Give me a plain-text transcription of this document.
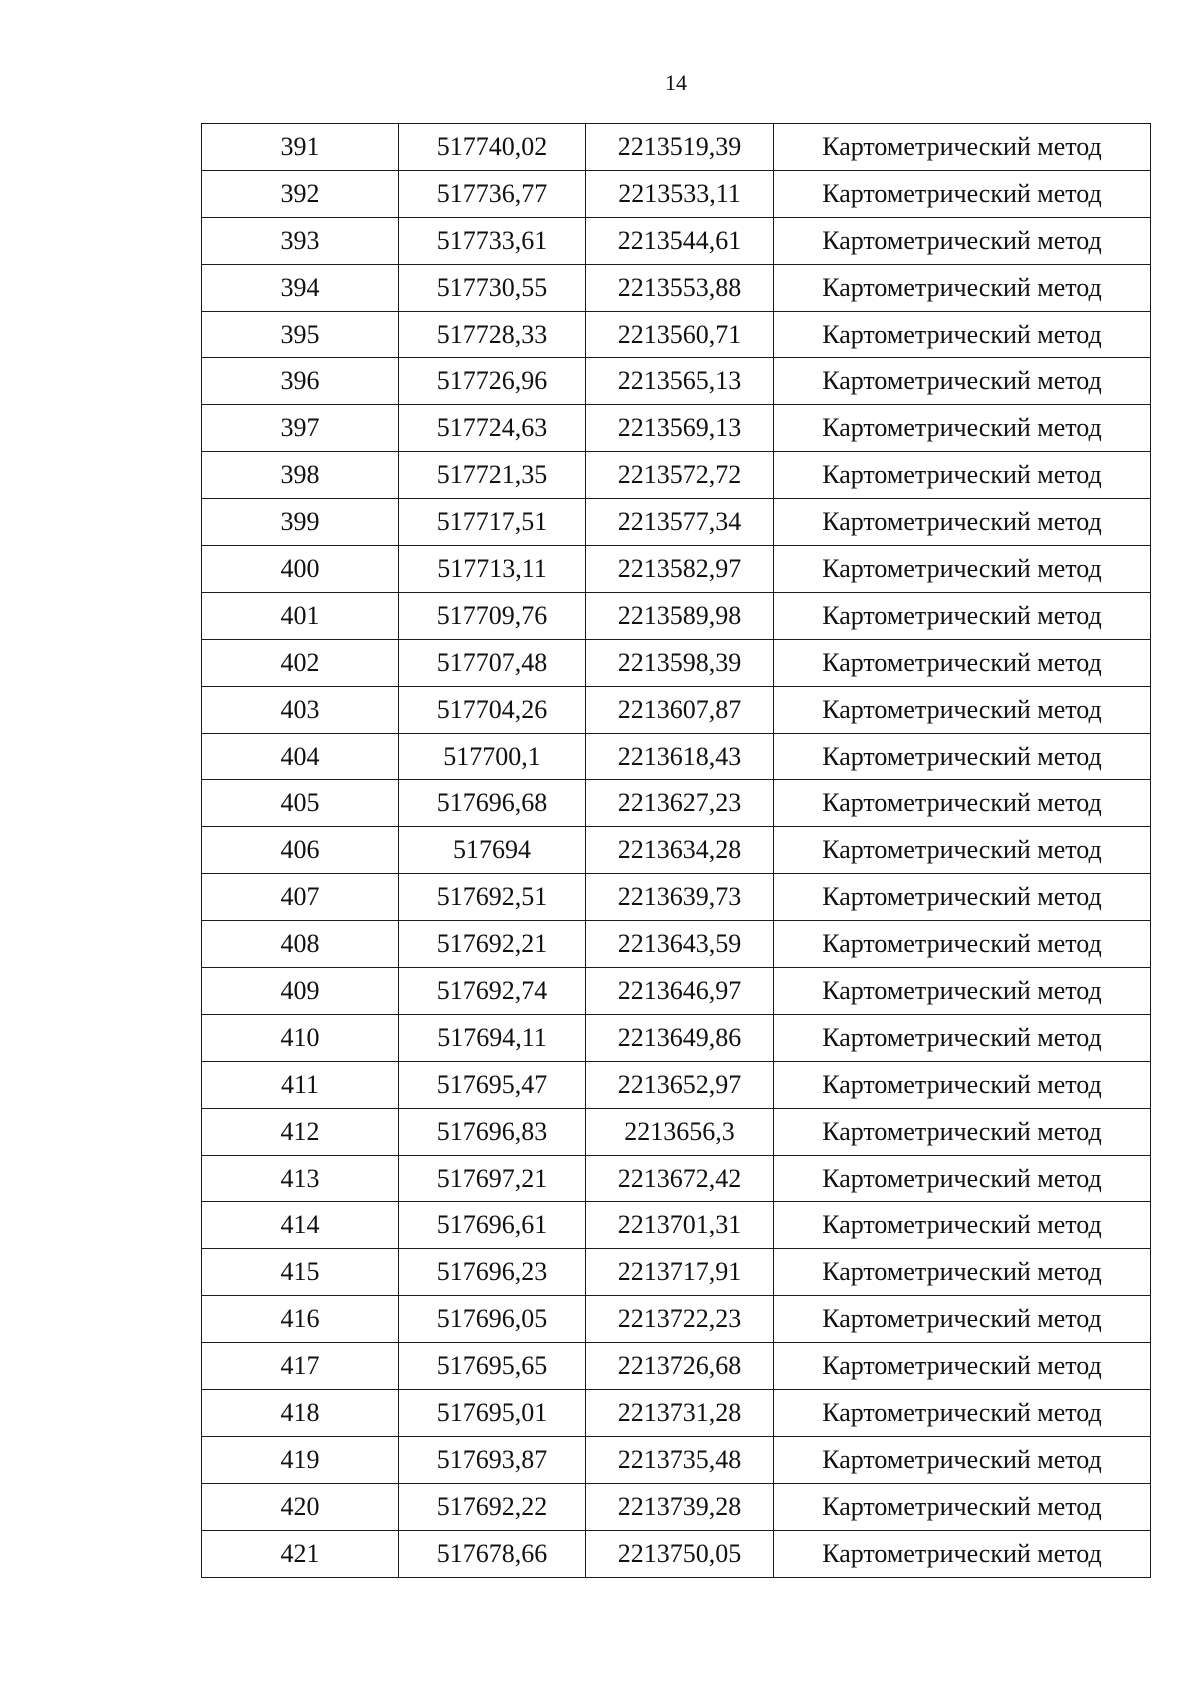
14
391	517740,02	2213519,39	Картометрический метод
392	517736,77	2213533,11	Картометрический метод
393	517733,61	2213544,61	Картометрический метод
394	517730,55	2213553,88	Картометрический метод
395	517728,33	2213560,71	Картометрический метод
396	517726,96	2213565,13	Картометрический метод
397	517724,63	2213569,13	Картометрический метод
398	517721,35	2213572,72	Картометрический метод
399	517717,51	2213577,34	Картометрический метод
400	517713,11	2213582,97	Картометрический метод
401	517709,76	2213589,98	Картометрический метод
402	517707,48	2213598,39	Картометрический метод
403	517704,26	2213607,87	Картометрический метод
404	517700,1	2213618,43	Картометрический метод
405	517696,68	2213627,23	Картометрический метод
406	517694	2213634,28	Картометрический метод
407	517692,51	2213639,73	Картометрический метод
408	517692,21	2213643,59	Картометрический метод
409	517692,74	2213646,97	Картометрический метод
410	517694,11	2213649,86	Картометрический метод
411	517695,47	2213652,97	Картометрический метод
412	517696,83	2213656,3	Картометрический метод
413	517697,21	2213672,42	Картометрический метод
414	517696,61	2213701,31	Картометрический метод
415	517696,23	2213717,91	Картометрический метод
416	517696,05	2213722,23	Картометрический метод
417	517695,65	2213726,68	Картометрический метод
418	517695,01	2213731,28	Картометрический метод
419	517693,87	2213735,48	Картометрический метод
420	517692,22	2213739,28	Картометрический метод
421	517678,66	2213750,05	Картометрический метод
